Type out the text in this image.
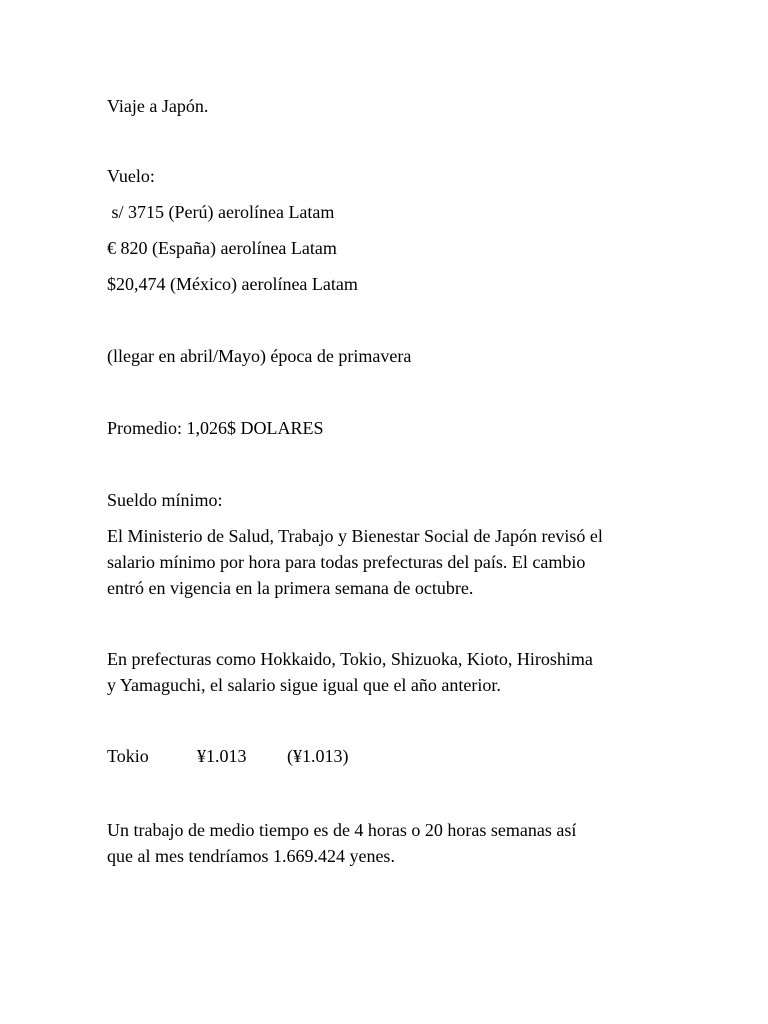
Viaje a Japón.
Vuelo:
s/ 3715 (Perú) aerolínea Latam
€ 820 (España) aerolínea Latam
$20,474 (México) aerolínea Latam
(llegar en abril/Mayo) época de primavera
Promedio: 1,026$ DOLARES
Sueldo mínimo:
El Ministerio de Salud, Trabajo y Bienestar Social de Japón revisó el
salario mínimo por hora para todas prefecturas del país. El cambio
entró en vigencia en la primera semana de octubre.
En prefecturas como Hokkaido, Tokio, Shizuoka, Kioto, Hiroshima
y Yamaguchi, el salario sigue igual que el año anterior.
Tokio	¥1.013 (¥1.013)
Un trabajo de medio tiempo es de 4 horas o 20 horas semanas así
que al mes tendríamos 1.669.424 yenes.
